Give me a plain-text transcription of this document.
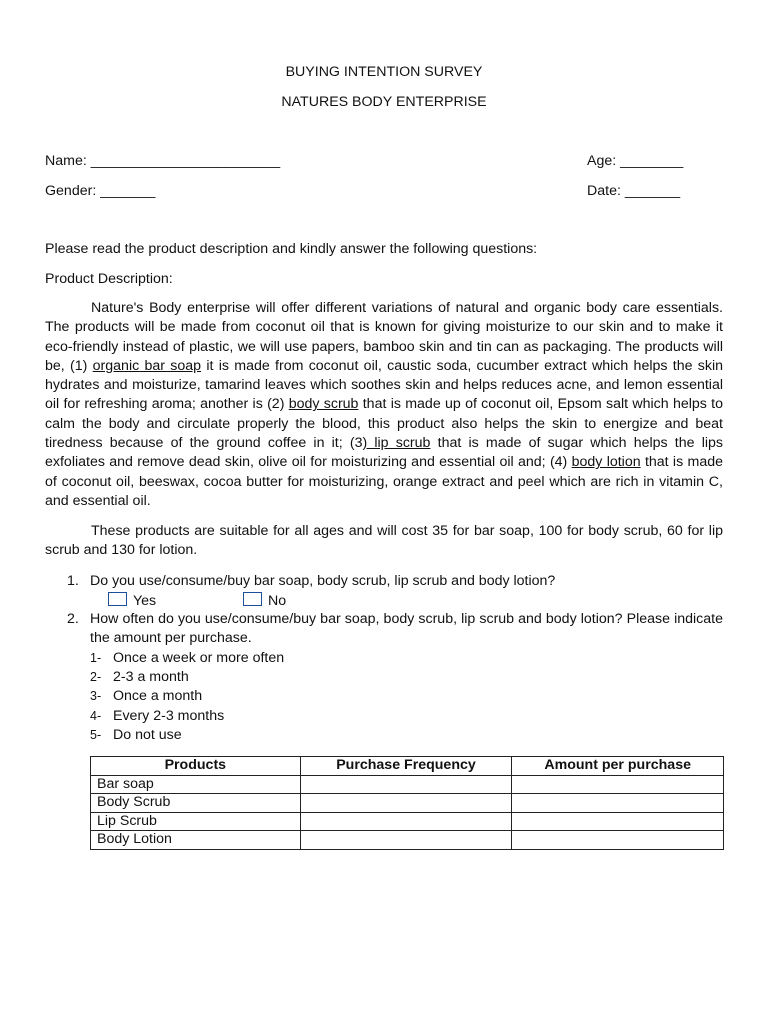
BUYING INTENTION SURVEY
NATURES BODY ENTERPRISE
Name: ________________________	Age: ________
Gender: _______	Date: _______
Please read the product description and kindly answer the following questions:
Product Description:

Nature's Body enterprise will offer different variations of natural and organic body care essentials. The products will be made from coconut oil that is known for giving moisturize to our skin and to make it eco-friendly instead of plastic, we will use papers, bamboo skin and tin can as packaging. The products will be, (1) organic bar soap it is made from coconut oil, caustic soda, cucumber extract which helps the skin hydrates and moisturize, tamarind leaves which soothes skin and helps reduces acne, and lemon essential oil for refreshing aroma; another is (2) body scrub that is made up of coconut oil, Epsom salt which helps to calm the body and circulate properly the blood, this product also helps the skin to energize and beat tiredness because of the ground coffee in it; (3) lip scrub that is made of sugar which helps the lips exfoliates and remove dead skin, olive oil for moisturizing and essential oil and; (4) body lotion that is made of coconut oil, beeswax, cocoa butter for moisturizing, orange extract and peel which are rich in vitamin C, and essential oil.

These products are suitable for all ages and will cost 35 for bar soap, 100 for body scrub, 60 for lip scrub and 130 for lotion.

1. Do you use/consume/buy bar soap, body scrub, lip scrub and body lotion?
Yes	No
2. How often do you use/consume/buy bar soap, body scrub, lip scrub and body lotion? Please indicate the amount per purchase.
1- Once a week or more often
2- 2-3 a month
3- Once a month
4- Every 2-3 months
5- Do not use
Products	Purchase Frequency	Amount per purchase
Bar soap		
Body Scrub		
Lip Scrub		
Body Lotion		
